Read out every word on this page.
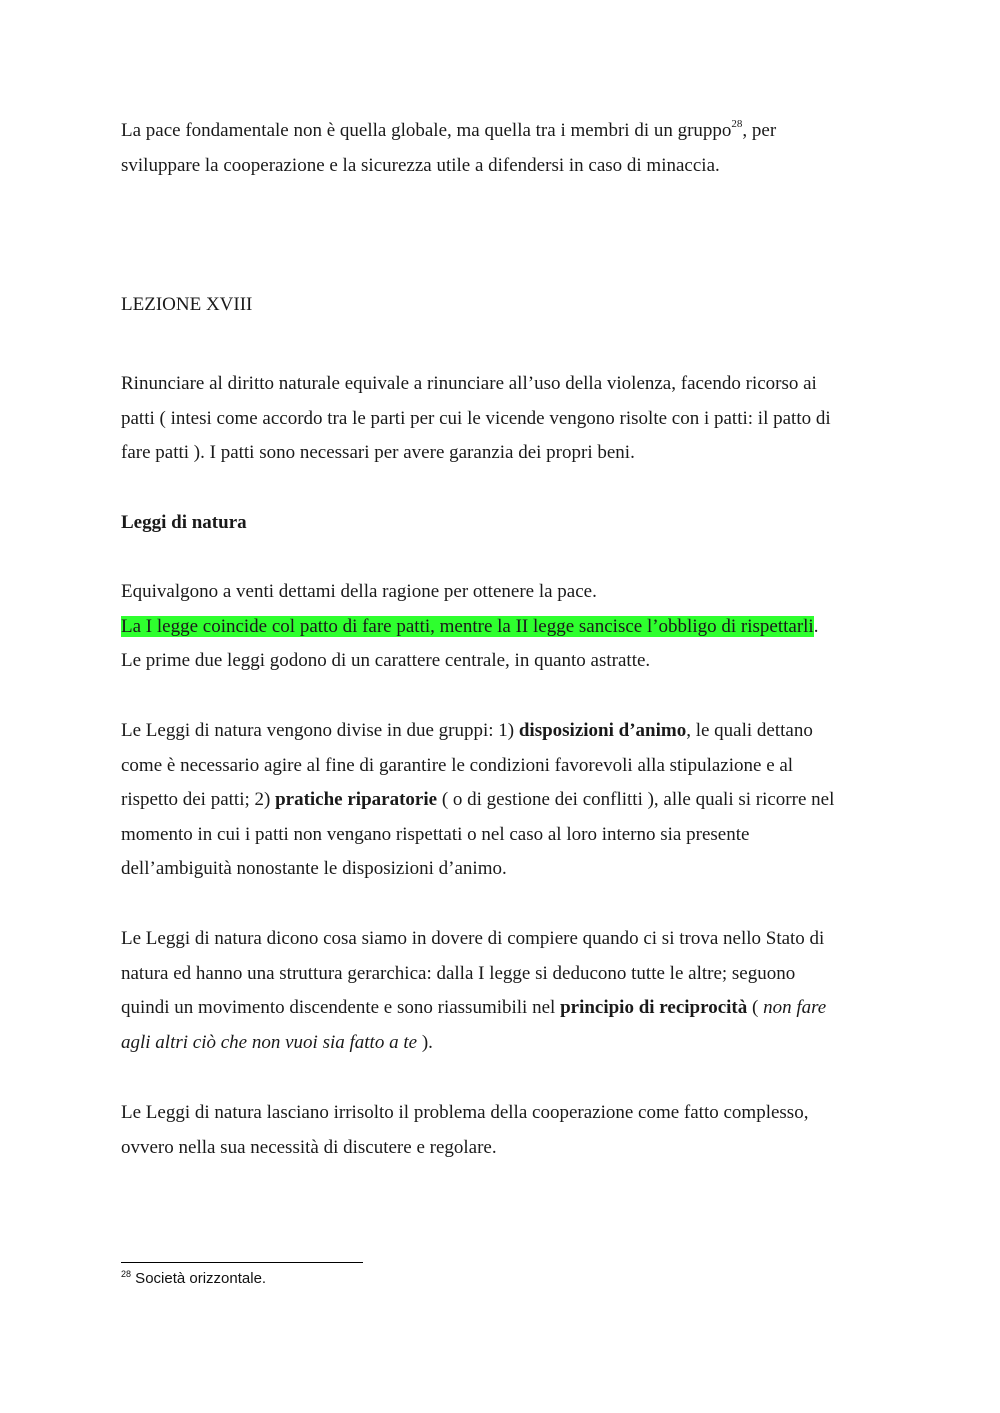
La pace fondamentale non è quella globale, ma quella tra i membri di un gruppo$^{28}$, per
sviluppare la cooperazione e la sicurezza utile a difendersi in caso di minaccia.

LEZIONE XVIII

Rinunciare al diritto naturale equivale a rinunciare all’uso della violenza, facendo ricorso ai
patti ( intesi come accordo tra le parti per cui le vicende vengono risolte con i patti: il patto di
fare patti ). I patti sono necessari per avere garanzia dei propri beni.

Leggi di natura

Equivalgono a venti dettami della ragione per ottenere la pace.
La I legge coincide col patto di fare patti, mentre la II legge sancisce l’obbligo di rispettarli.
Le prime due leggi godono di un carattere centrale, in quanto astratte.

Le Leggi di natura vengono divise in due gruppi: 1) disposizioni d’animo, le quali dettano
come è necessario agire al fine di garantire le condizioni favorevoli alla stipulazione e al
rispetto dei patti; 2) pratiche riparatorie ( o di gestione dei conflitti ), alle quali si ricorre nel
momento in cui i patti non vengano rispettati o nel caso al loro interno sia presente
dell’ambiguità nonostante le disposizioni d’animo.

Le Leggi di natura dicono cosa siamo in dovere di compiere quando ci si trova nello Stato di
natura ed hanno una struttura gerarchica: dalla I legge si deducono tutte le altre; seguono
quindi un movimento discendente e sono riassumibili nel principio di reciprocità ( non fare
agli altri ciò che non vuoi sia fatto a te ).

Le Leggi di natura lasciano irrisolto il problema della cooperazione come fatto complesso,
ovvero nella sua necessità di discutere e regolare.

$^{28}$ Società orizzontale.
